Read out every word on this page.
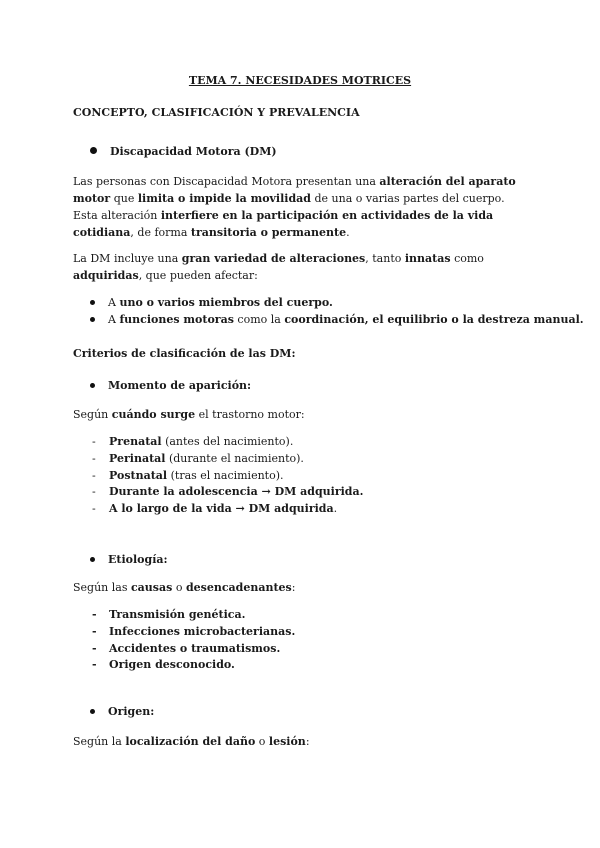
TEMA 7. NECESIDADES MOTRICES

CONCEPTO, CLASIFICACIÓN Y PREVALENCIA

Discapacidad Motora (DM)

Las personas con Discapacidad Motora presentan una alteración del aparato motor que limita o impide la movilidad de una o varias partes del cuerpo. Esta alteración interfiere en la participación en actividades de la vida cotidiana, de forma transitoria o permanente.

La DM incluye una gran variedad de alteraciones, tanto innatas como adquiridas, que pueden afectar:

A uno o varios miembros del cuerpo.
A funciones motoras como la coordinación, el equilibrio o la destreza manual.

Criterios de clasificación de las DM:

Momento de aparición:

Según cuándo surge el trastorno motor:

- Prenatal (antes del nacimiento).
- Perinatal (durante el nacimiento).
- Postnatal (tras el nacimiento).
- Durante la adolescencia → DM adquirida.
- A lo largo de la vida → DM adquirida.
Etiología:

Según las causas o desencadenantes:

- Transmisión genética.
- Infecciones microbacterianas.
- Accidentes o traumatismos.
- Origen desconocido.
Origen:

Según la localización del daño o lesión:
